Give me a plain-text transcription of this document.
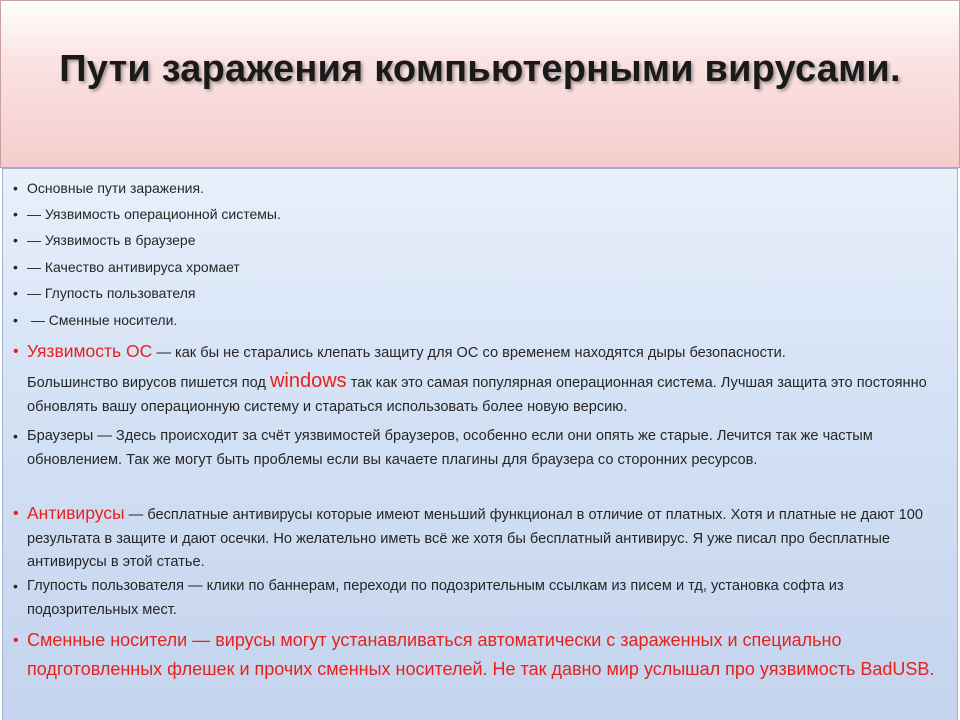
Пути заражения компьютерными вирусами.
• Основные пути заражения.
• — Уязвимость операционной системы.
• — Уязвимость в браузере
• — Качество антивируса хромает
• — Глупость пользователя
• — Сменные носители.
• Уязвимость ОС — как бы не старались клепать защиту для ОС со временем находятся дыры безопасности.
Большинство вирусов пишется под windows так как это самая популярная операционная система. Лучшая защита это постоянно обновлять вашу операционную систему и стараться использовать более новую версию.
• Браузеры — Здесь происходит за счёт уязвимостей браузеров, особенно если они опять же старые. Лечится так же частым обновлением. Так же могут быть проблемы если вы качаете плагины для браузера со сторонних ресурсов.
• Антивирусы — бесплатные антивирусы которые имеют меньший функционал в отличие от платных. Хотя и платные не дают 100 результата в защите и дают осечки. Но желательно иметь всё же хотя бы бесплатный антивирус. Я уже писал про бесплатные антивирусы в этой статье.
• Глупость пользователя — клики по баннерам, переходи по подозрительным ссылкам из писем и тд, установка софта из подозрительных мест.
• Сменные носители — вирусы могут устанавливаться автоматически с зараженных и специально подготовленных флешек и прочих сменных носителей. Не так давно мир услышал про уязвимость BadUSB.
